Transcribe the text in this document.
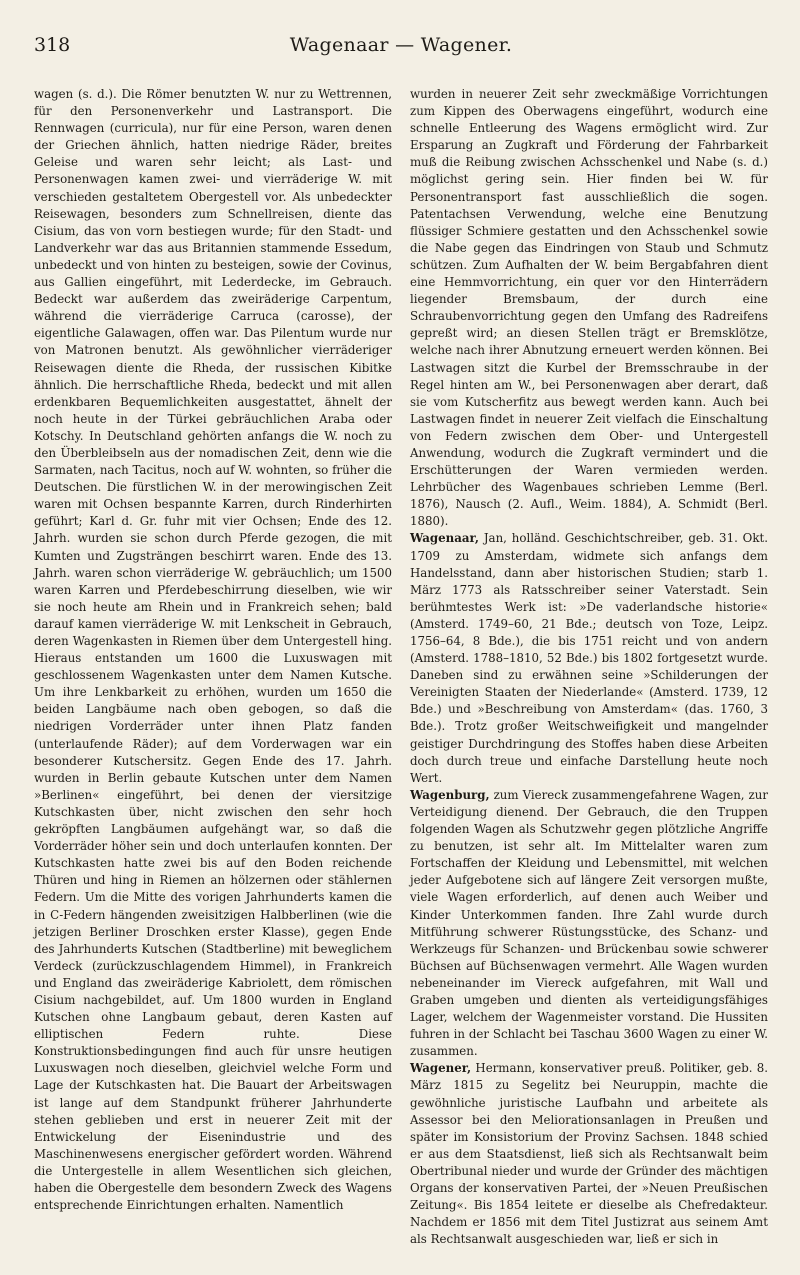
318	Wagenaar — Wagener.

wagen (s. d.). Die Römer benutzten W. nur zu Wettrennen, für den Personenverkehr und Lastransport. Die Rennwagen (curricula), nur für eine Person, waren denen der Griechen ähnlich, hatten niedrige Räder, breites Geleise und waren sehr leicht; als Last- und Personenwagen kamen zwei- und vierräderige W. mit verschieden gestaltetem Obergestell vor. Als unbedeckter Reisewagen, besonders zum Schnellreisen, diente das Cisium, das von vorn bestiegen wurde; für den Stadt- und Landverkehr war das aus Britannien stammende Essedum, unbedeckt und von hinten zu besteigen, sowie der Covinus, aus Gallien eingeführt, mit Lederdecke, im Gebrauch. Bedeckt war außerdem das zweiräderige Carpentum, während die vierräderige Carruca (carosse), der eigentliche Galawagen, offen war. Das Pilentum wurde nur von Matronen benutzt. Als gewöhnlicher vierräderiger Reisewagen diente die Rheda, der russischen Kibitke ähnlich. Die herrschaftliche Rheda, bedeckt und mit allen erdenkbaren Bequemlichkeiten ausgestattet, ähnelt der noch heute in der Türkei gebräuchlichen Araba oder Kotschy. In Deutschland gehörten anfangs die W. noch zu den Überbleibseln aus der nomadischen Zeit, denn wie die Sarmaten, nach Tacitus, noch auf W. wohnten, so früher die Deutschen. Die fürstlichen W. in der merowingischen Zeit waren mit Ochsen bespannte Karren, durch Rinderhirten geführt; Karl d. Gr. fuhr mit vier Ochsen; Ende des 12. Jahrh. wurden sie schon durch Pferde gezogen, die mit Kumten und Zugsträngen beschirrt waren. Ende des 13. Jahrh. waren schon vierräderige W. gebräuchlich; um 1500 waren Karren und Pferdebeschirrung dieselben, wie wir sie noch heute am Rhein und in Frankreich sehen; bald darauf kamen vierräderige W. mit Lenkscheit in Gebrauch, deren Wagenkasten in Riemen über dem Untergestell hing. Hieraus entstanden um 1600 die Luxuswagen mit geschlossenem Wagenkasten unter dem Namen Kutsche. Um ihre Lenkbarkeit zu erhöhen, wurden um 1650 die beiden Langbäume nach oben gebogen, so daß die niedrigen Vorderräder unter ihnen Platz fanden (unterlaufende Räder); auf dem Vorderwagen war ein besonderer Kutschersitz. Gegen Ende des 17. Jahrh. wurden in Berlin gebaute Kutschen unter dem Namen »Berlinen« eingeführt, bei denen der viersitzige Kutschkasten über, nicht zwischen den sehr hoch gekröpften Langbäumen aufgehängt war, so daß die Vorderräder höher sein und doch unterlaufen konnten. Der Kutschkasten hatte zwei bis auf den Boden reichende Thüren und hing in Riemen an hölzernen oder stählernen Federn. Um die Mitte des vorigen Jahrhunderts kamen die in C-Federn hängenden zweisitzigen Halbberlinen (wie die jetzigen Berliner Droschken erster Klasse), gegen Ende des Jahrhunderts Kutschen (Stadtberline) mit beweglichem Verdeck (zurückzuschlagendem Himmel), in Frankreich und England das zweiräderige Kabriolett, dem römischen Cisium nachgebildet, auf. Um 1800 wurden in England Kutschen ohne Langbaum gebaut, deren Kasten auf elliptischen Federn ruhte. Diese Konstruktionsbedingungen find auch für unsre heutigen Luxuswagen noch dieselben, gleichviel welche Form und Lage der Kutschkasten hat. Die Bauart der Arbeitswagen ist lange auf dem Standpunkt früherer Jahrhunderte stehen geblieben und erst in neuerer Zeit mit der Entwickelung der Eisenindustrie und des Maschinenwesens energischer gefördert worden. Während die Untergestelle in allem Wesentlichen sich gleichen, haben die Obergestelle dem besondern Zweck des Wagens entsprechende Einrichtungen erhalten. Namentlich

wurden in neuerer Zeit sehr zweckmäßige Vorrichtungen zum Kippen des Oberwagens eingeführt, wodurch eine schnelle Entleerung des Wagens ermöglicht wird. Zur Ersparung an Zugkraft und Förderung der Fahrbarkeit muß die Reibung zwischen Achsschenkel und Nabe (s. d.) möglichst gering sein. Hier finden bei W. für Personentransport fast ausschließlich die sogen. Patentachsen Verwendung, welche eine Benutzung flüssiger Schmiere gestatten und den Achsschenkel sowie die Nabe gegen das Eindringen von Staub und Schmutz schützen. Zum Aufhalten der W. beim Bergabfahren dient eine Hemmvorrichtung, ein quer vor den Hinterrädern liegender Bremsbaum, der durch eine Schraubenvorrichtung gegen den Umfang des Radreifens gepreßt wird; an diesen Stellen trägt er Bremsklötze, welche nach ihrer Abnutzung erneuert werden können. Bei Lastwagen sitzt die Kurbel der Bremsschraube in der Regel hinten am W., bei Personenwagen aber derart, daß sie vom Kutscherfitz aus bewegt werden kann. Auch bei Lastwagen findet in neuerer Zeit vielfach die Einschaltung von Federn zwischen dem Ober- und Untergestell Anwendung, wodurch die Zugkraft vermindert und die Erschütterungen der Waren vermieden werden. Lehrbücher des Wagenbaues schrieben Lemme (Berl. 1876), Nausch (2. Aufl., Weim. 1884), A. Schmidt (Berl. 1880).

Wagenaar, Jan, holländ. Geschichtschreiber, geb. 31. Okt. 1709 zu Amsterdam, widmete sich anfangs dem Handelsstand, dann aber historischen Studien; starb 1. März 1773 als Ratsschreiber seiner Vaterstadt. Sein berühmtestes Werk ist: »De vaderlandsche historie« (Amsterd. 1749–60, 21 Bde.; deutsch von Toze, Leipz. 1756–64, 8 Bde.), die bis 1751 reicht und von andern (Amsterd. 1788–1810, 52 Bde.) bis 1802 fortgesetzt wurde. Daneben sind zu erwähnen seine »Schilderungen der Vereinigten Staaten der Niederlande« (Amsterd. 1739, 12 Bde.) und »Beschreibung von Amsterdam« (das. 1760, 3 Bde.). Trotz großer Weitschweifigkeit und mangelnder geistiger Durchdringung des Stoffes haben diese Arbeiten doch durch treue und einfache Darstellung heute noch Wert.

Wagenburg, zum Viereck zusammengefahrene Wagen, zur Verteidigung dienend. Der Gebrauch, die den Truppen folgenden Wagen als Schutzwehr gegen plötzliche Angriffe zu benutzen, ist sehr alt. Im Mittelalter waren zum Fortschaffen der Kleidung und Lebensmittel, mit welchen jeder Aufgebotene sich auf längere Zeit versorgen mußte, viele Wagen erforderlich, auf denen auch Weiber und Kinder Unterkommen fanden. Ihre Zahl wurde durch Mitführung schwerer Rüstungsstücke, des Schanz- und Werkzeugs für Schanzen- und Brückenbau sowie schwerer Büchsen auf Büchsenwagen vermehrt. Alle Wagen wurden nebeneinander im Viereck aufgefahren, mit Wall und Graben umgeben und dienten als verteidigungsfähiges Lager, welchem der Wagenmeister vorstand. Die Hussiten fuhren in der Schlacht bei Taschau 3600 Wagen zu einer W. zusammen.

Wagener, Hermann, konservativer preuß. Politiker, geb. 8. März 1815 zu Segelitz bei Neuruppin, machte die gewöhnliche juristische Laufbahn und arbeitete als Assessor bei den Meliorationsanlagen in Preußen und später im Konsistorium der Provinz Sachsen. 1848 schied er aus dem Staatsdienst, ließ sich als Rechtsanwalt beim Obertribunal nieder und wurde der Gründer des mächtigen Organs der konservativen Partei, der »Neuen Preußischen Zeitung«. Bis 1854 leitete er dieselbe als Chefredakteur. Nachdem er 1856 mit dem Titel Justizrat aus seinem Amt als Rechtsanwalt ausgeschieden war, ließ er sich in
